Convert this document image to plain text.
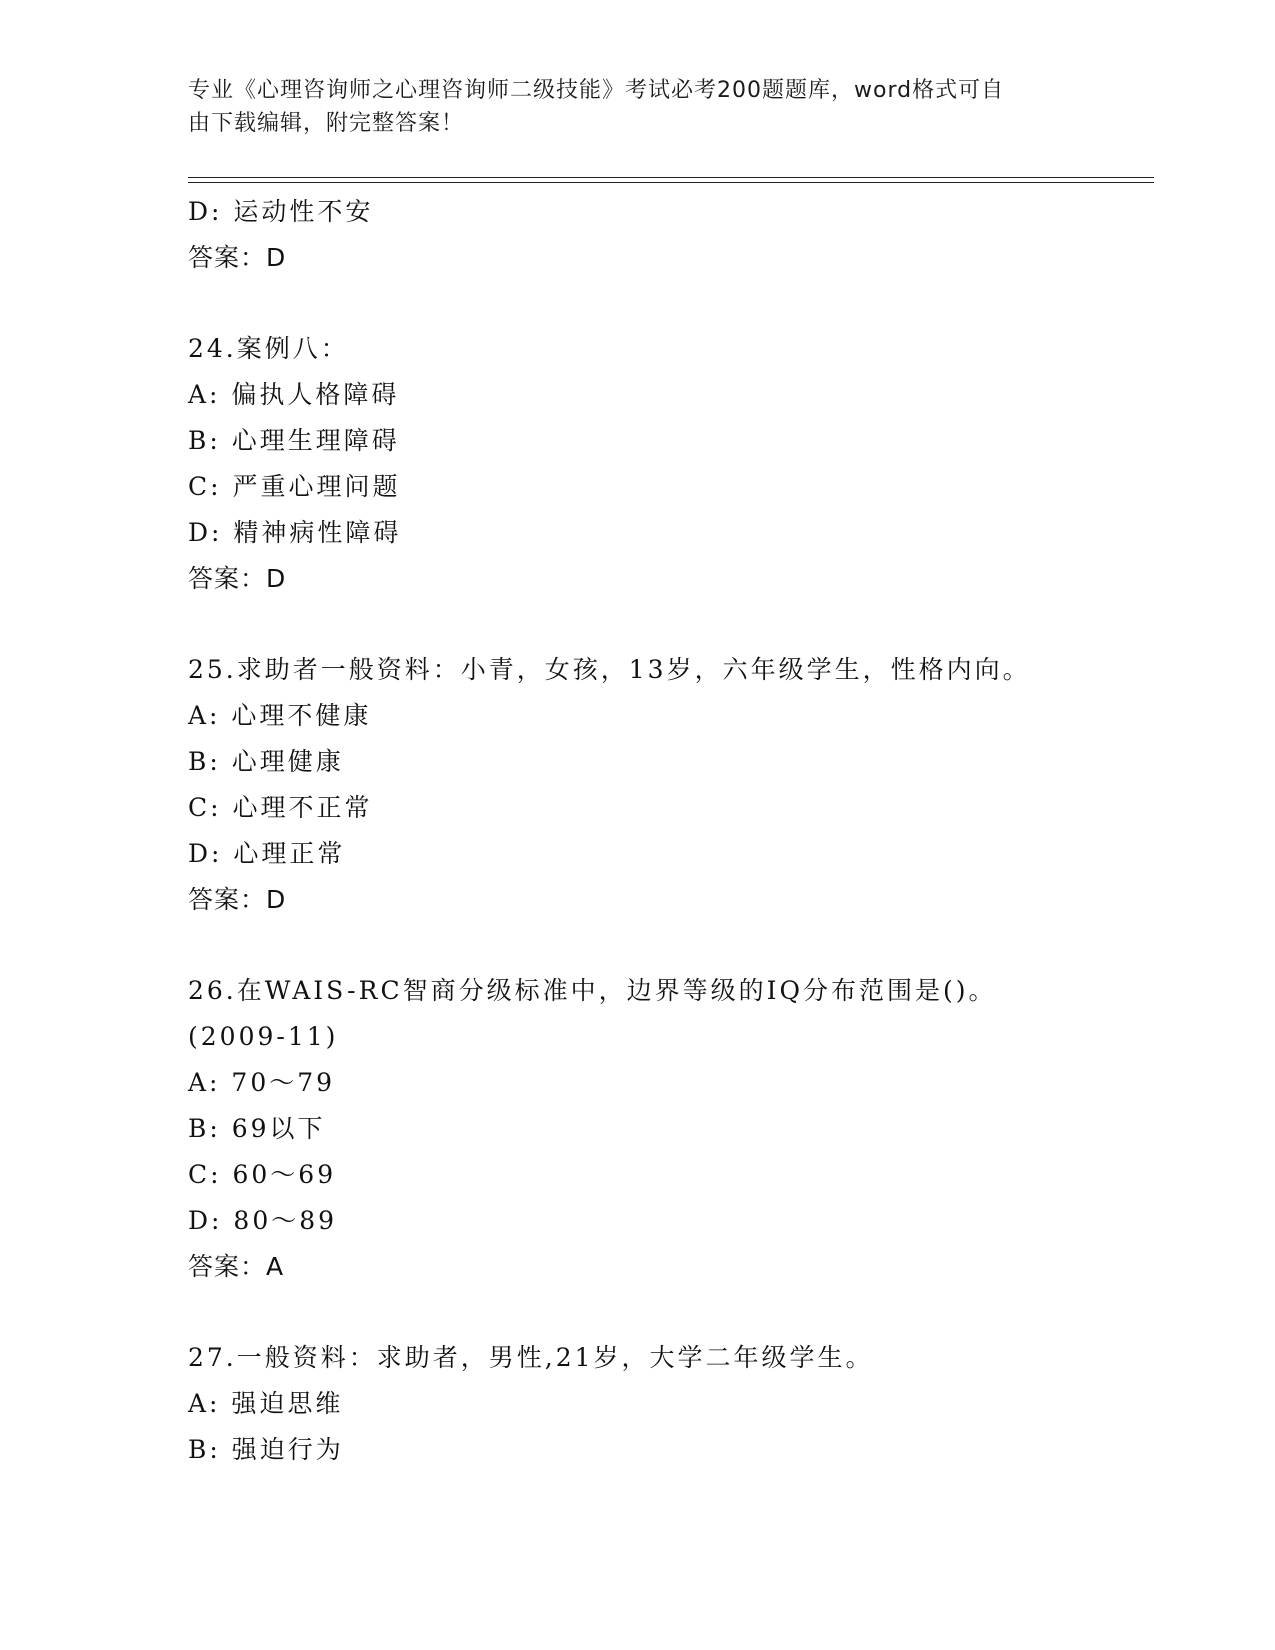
专业《心理咨询师之心理咨询师二级技能》考试必考200题题库，word格式可自
由下载编辑，附完整答案！
D: 运动性不安
答案：D
24.案例八：
A: 偏执人格障碍
B: 心理生理障碍
C: 严重心理问题
D: 精神病性障碍
答案：D
25.求助者一般资料：小青，女孩，13岁，六年级学生，性格内向。
A: 心理不健康
B: 心理健康
C: 心理不正常
D: 心理正常
答案：D
26.在WAIS-RC智商分级标准中，边界等级的IQ分布范围是()。
(2009-11)
A: 70～79
B: 69以下
C: 60～69
D: 80～89
答案：A
27.一般资料：求助者，男性,21岁，大学二年级学生。
A: 强迫思维
B: 强迫行为
